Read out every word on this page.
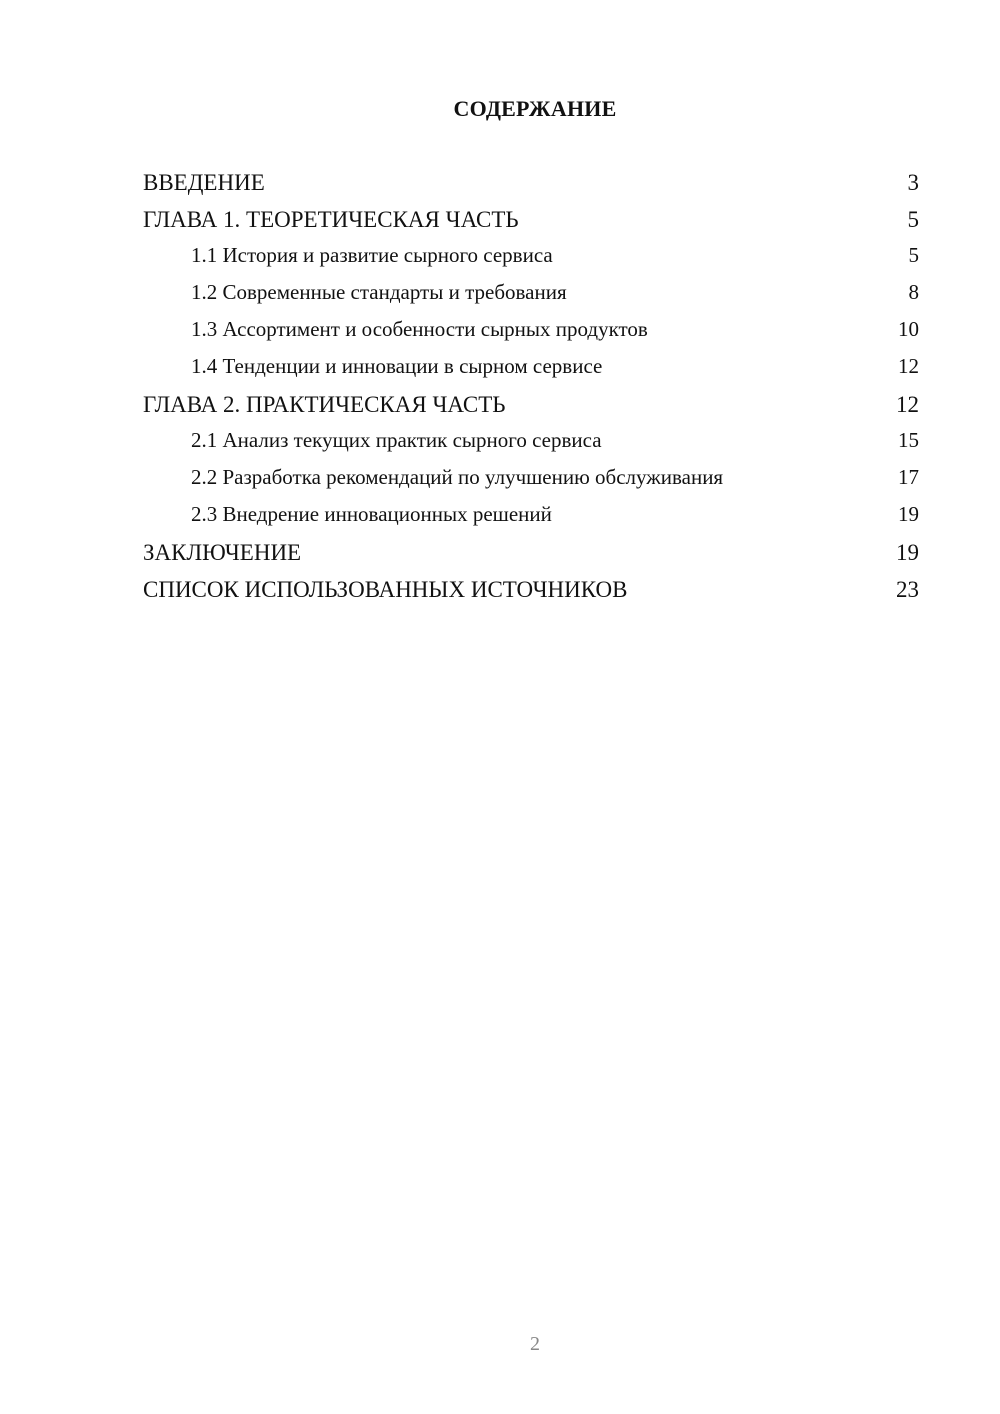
СОДЕРЖАНИЕ
ВВЕДЕНИЕ	3
ГЛАВА 1. ТЕОРЕТИЧЕСКАЯ ЧАСТЬ	5
1.1 История и развитие сырного сервиса	5
1.2 Современные стандарты и требования	8
1.3 Ассортимент и особенности сырных продуктов	10
1.4 Тенденции и инновации в сырном сервисе	12
ГЛАВА 2. ПРАКТИЧЕСКАЯ ЧАСТЬ	12
2.1 Анализ текущих практик сырного сервиса	15
2.2 Разработка рекомендаций по улучшению обслуживания	17
2.3 Внедрение инновационных решений	19
ЗАКЛЮЧЕНИЕ	19
СПИСОК ИСПОЛЬЗОВАННЫХ ИСТОЧНИКОВ	23
2
